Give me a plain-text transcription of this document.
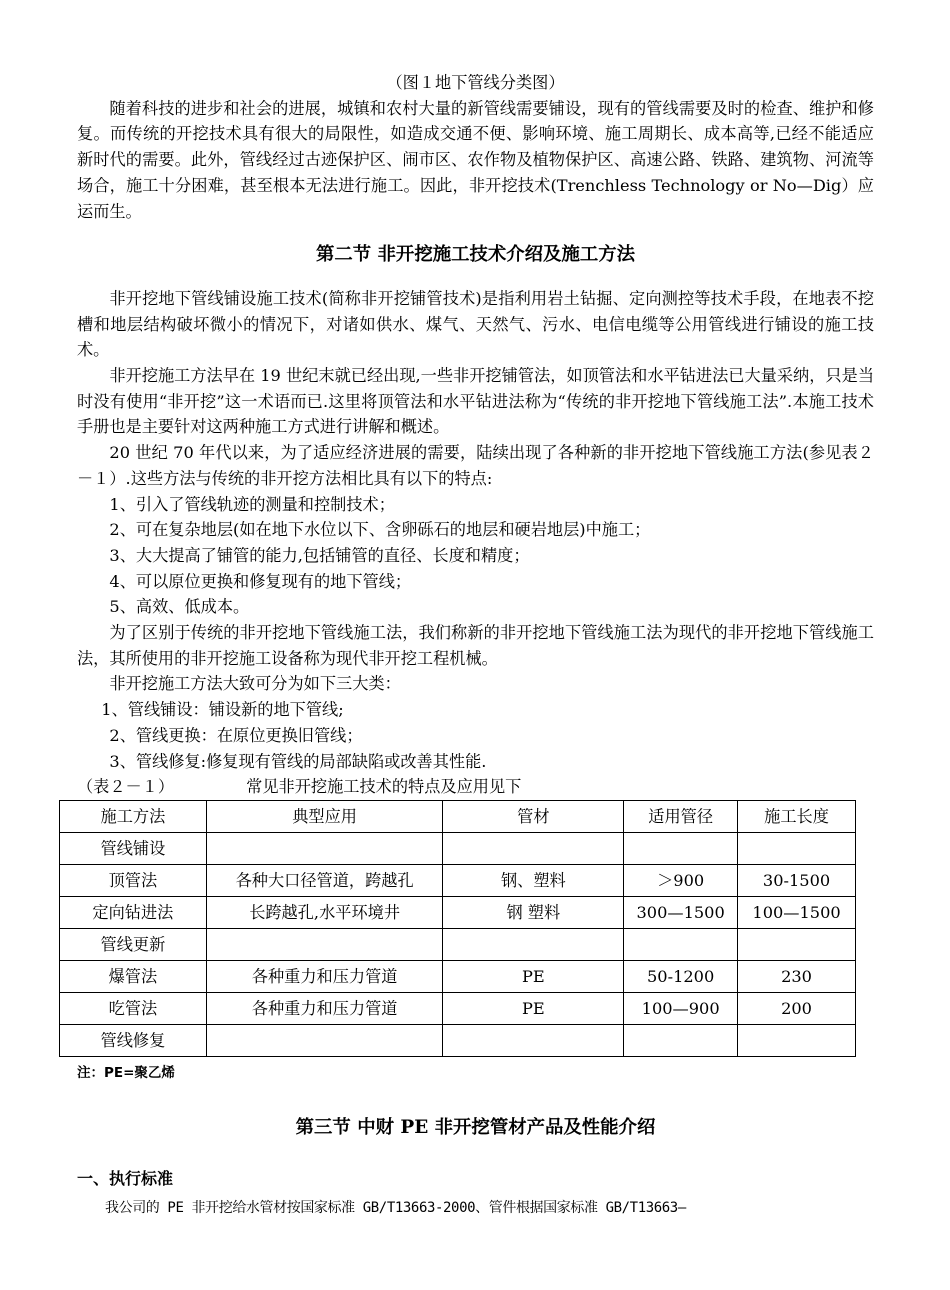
（图１地下管线分类图）

随着科技的进步和社会的进展，城镇和农村大量的新管线需要铺设，现有的管线需要及时的检查、维护和修复。而传统的开挖技术具有很大的局限性，如造成交通不便、影响环境、施工周期长、成本高等,已经不能适应新时代的需要。此外，管线经过古迹保护区、闹市区、农作物及植物保护区、高速公路、铁路、建筑物、河流等场合，施工十分困难，甚至根本无法进行施工。因此，非开挖技术(Trenchless Technology or No—Dig）应运而生。

第二节 非开挖施工技术介绍及施工方法

非开挖地下管线铺设施工技术(简称非开挖铺管技术)是指利用岩土钻掘、定向测控等技术手段，在地表不挖槽和地层结构破坏微小的情况下，对诸如供水、煤气、天然气、污水、电信电缆等公用管线进行铺设的施工技术。

非开挖施工方法早在 19 世纪末就已经出现,一些非开挖铺管法，如顶管法和水平钻进法已大量采纳，只是当时没有使用“非开挖”这一术语而已.这里将顶管法和水平钻进法称为“传统的非开挖地下管线施工法”.本施工技术手册也是主要针对这两种施工方式进行讲解和概述。

20 世纪 70 年代以来，为了适应经济进展的需要，陆续出现了各种新的非开挖地下管线施工方法(参见表２－１）.这些方法与传统的非开挖方法相比具有以下的特点:

1、引入了管线轨迹的测量和控制技术；

2、可在复杂地层(如在地下水位以下、含卵砾石的地层和硬岩地层)中施工；

3、大大提高了铺管的能力,包括铺管的直径、长度和精度；

4、可以原位更换和修复现有的地下管线；

5、高效、低成本。

为了区别于传统的非开挖地下管线施工法，我们称新的非开挖地下管线施工法为现代的非开挖地下管线施工法，其所使用的非开挖施工设备称为现代非开挖工程机械。

非开挖施工方法大致可分为如下三大类：

1、管线铺设：铺设新的地下管线;

2、管线更换：在原位更换旧管线；

3、管线修复:修复现有管线的局部缺陷或改善其性能.

（表２－１）	常见非开挖施工技术的特点及应用见下

施工方法	典型应用	管材	适用管径	施工长度
管线铺设				
顶管法	各种大口径管道，跨越孔	钢、塑料	＞900	30-1500
定向钻进法	长跨越孔,水平环境井	钢 塑料	300—1500	100—1500
管线更新				
爆管法	各种重力和压力管道	PE	50-1200	230
吃管法	各种重力和压力管道	PE	100—900	200
管线修复				

注：PE=聚乙烯

第三节 中财 PE 非开挖管材产品及性能介绍

一、执行标准

我公司的 PE 非开挖给水管材按国家标准 GB/T13663-2000、管件根据国家标准 GB/T13663—
